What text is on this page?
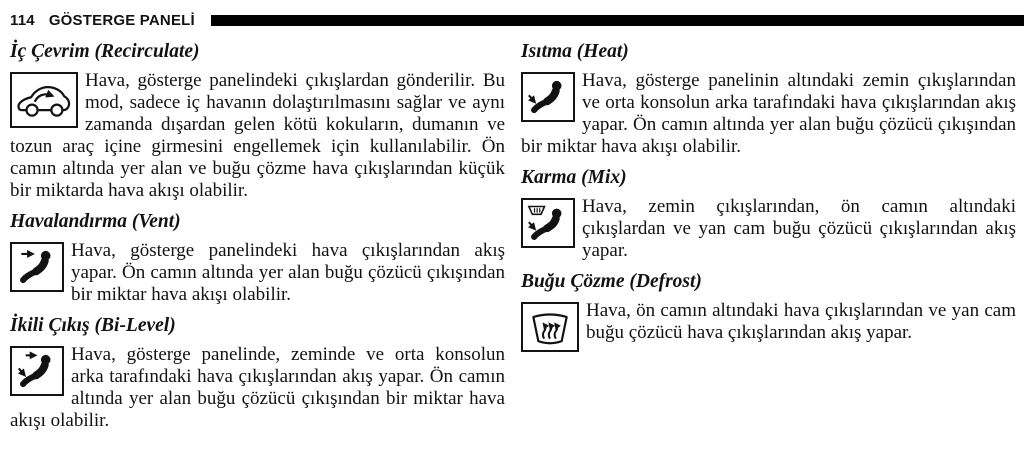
114 GÖSTERGE PANELİ
İç Çevrim (Recirculate)

Hava, gösterge panelindeki çıkışlardan gönderilir. Bu mod, sadece iç havanın dolaştırılmasını sağlar ve aynı zamanda dışardan gelen kötü kokuların, dumanın ve tozun araç içine girmesini engellemek için kullanılabilir. Ön camın altında yer alan ve buğu çözme hava çıkışlarından küçük bir miktarda hava akışı olabilir.

Havalandırma (Vent)

Hava, gösterge panelindeki hava çıkışlarından akış yapar. Ön camın altında yer alan buğu çözücü çıkışından bir miktar hava akışı olabilir.

İkili Çıkış (Bi-Level)

Hava, gösterge panelinde, zeminde ve orta konsolun arka tarafındaki hava çıkışlarından akış yapar. Ön camın altında yer alan buğu çözücü çıkışından bir miktar hava akışı olabilir.

Isıtma (Heat)

Hava, gösterge panelinin altındaki zemin çıkışlarından ve orta konsolun arka tarafındaki hava çıkışlarından akış yapar. Ön camın altında yer alan buğu çözücü çıkışından bir miktar hava akışı olabilir.

Karma (Mix)

Hava, zemin çıkışlarından, ön camın altındaki çıkışlardan ve yan cam buğu çözücü çıkışlarından akış yapar.

Buğu Çözme (Defrost)

Hava, ön camın altındaki hava çıkışlarından ve yan cam buğu çözücü hava çıkışlarından akış yapar.
